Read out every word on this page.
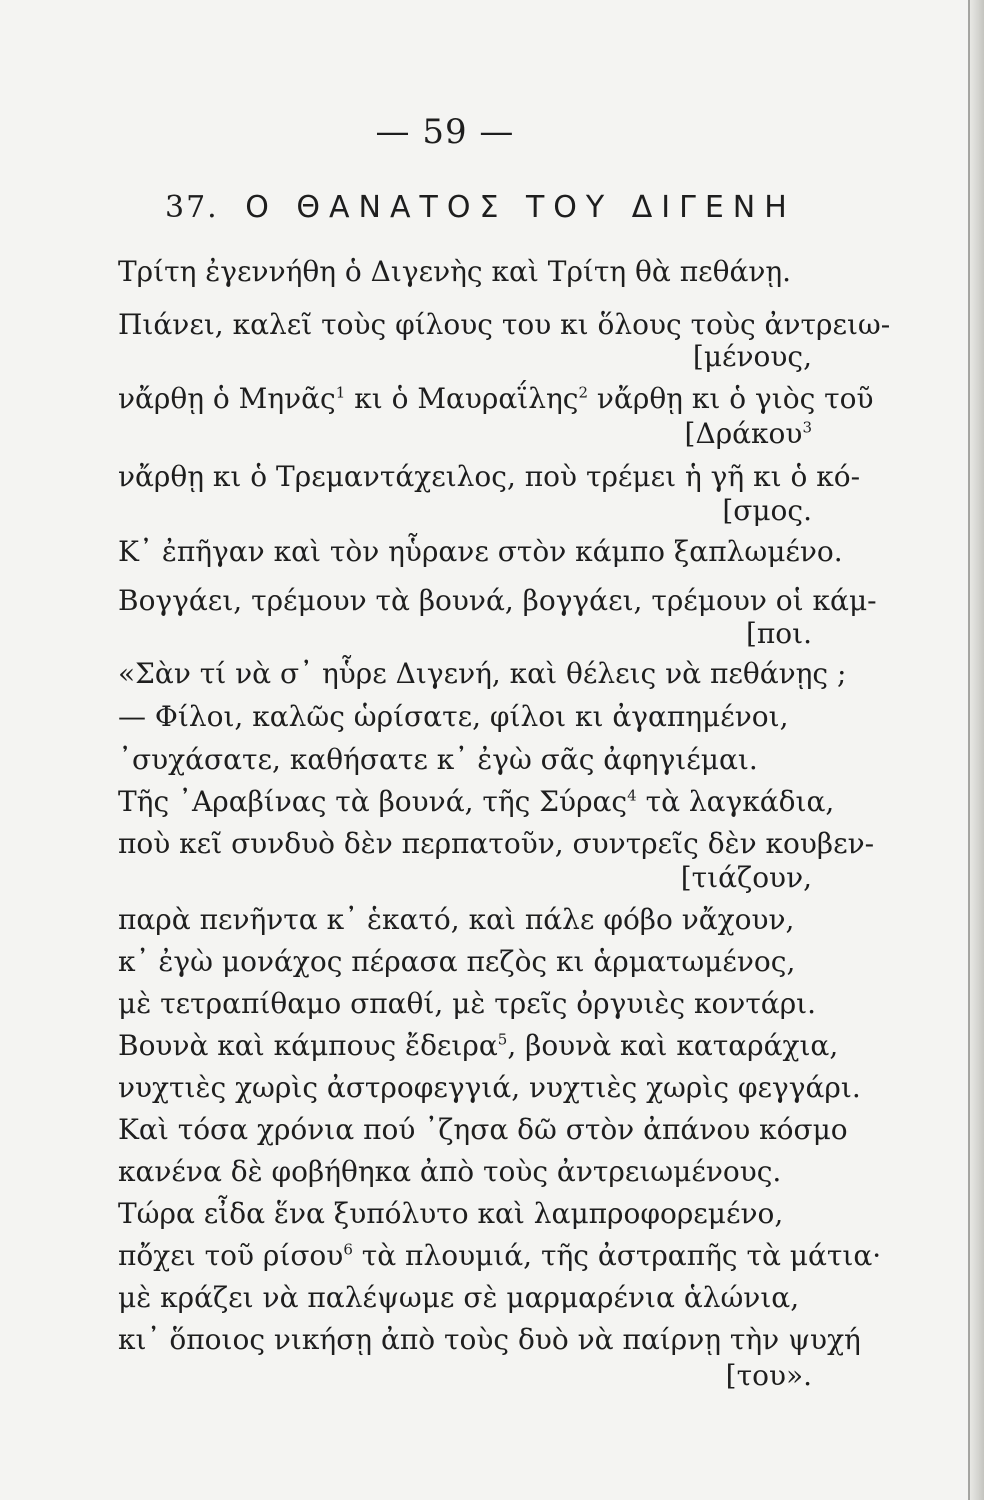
— 59 —
37. Ο ΘΑΝΑΤΟΣ ΤΟΥ ΔΙΓΕΝΗ
Τρίτη ἐγεννήθη ὁ Διγενὴς καὶ Τρίτη θὰ πεθάνῃ.
Πιάνει, καλεῖ τοὺς φίλους του κι ὅλους τοὺς ἀντρειω-
[μένους,
νἄρθῃ ὁ Μηνᾶς$^1$ κι ὁ Μαυραΐλης$^2$ νἄρθῃ κι ὁ γιὸς τοῦ
[Δράκου$^3$
νἄρθῃ κι ὁ Τρεμαντάχειλος, ποὺ τρέμει ἡ γῆ κι ὁ κό-
[σμος.
Κ᾽ ἐπῆγαν καὶ τὸν ηὗρανε στὸν κάμπο ξαπλωμένο.
Βογγάει, τρέμουν τὰ βουνά, βογγάει, τρέμουν οἱ κάμ-
[ποι.
«Σὰν τί νὰ σ᾽ ηὗρε Διγενή, καὶ θέλεις νὰ πεθάνῃς ;
— Φίλοι, καλῶς ὡρίσατε, φίλοι κι ἀγαπημένοι,
᾽συχάσατε, καθήσατε κ᾽ ἐγὼ σᾶς ἀφηγιέμαι.
Τῆς ᾽Αραβίνας τὰ βουνά, τῆς Σύρας$^4$ τὰ λαγκάδια,
ποὺ κεῖ συνδυὸ δὲν περπατοῦν, συντρεῖς δὲν κουβεν-
[τιάζουν,
παρὰ πενῆντα κ᾽ ἑκατό, καὶ πάλε φόβο νἄχουν,
κ᾽ ἐγὼ μονάχος πέρασα πεζὸς κι ἁρματωμένος,
μὲ τετραπίθαμο σπαθί, μὲ τρεῖς ὀργυιὲς κοντάρι.
Βουνὰ καὶ κάμπους ἔδειρα$^5$, βουνὰ καὶ καταράχια,
νυχτιὲς χωρὶς ἀστροφεγγιά, νυχτιὲς χωρὶς φεγγάρι.
Καὶ τόσα χρόνια πού ᾽ζησα δῶ στὸν ἀπάνου κόσμο
κανένα δὲ φοβήθηκα ἀπὸ τοὺς ἀντρειωμένους.
Τώρα εἶδα ἕνα ξυπόλυτο καὶ λαμπροφορεμένο,
πὄχει τοῦ ρίσου$^6$ τὰ πλουμιά, τῆς ἀστραπῆς τὰ μάτια·
μὲ κράζει νὰ παλέψωμε σὲ μαρμαρένια ἁλώνια,
κι᾽ ὅποιος νικήσῃ ἀπὸ τοὺς δυὸ νὰ παίρνῃ τὴν ψυχή
[του».
